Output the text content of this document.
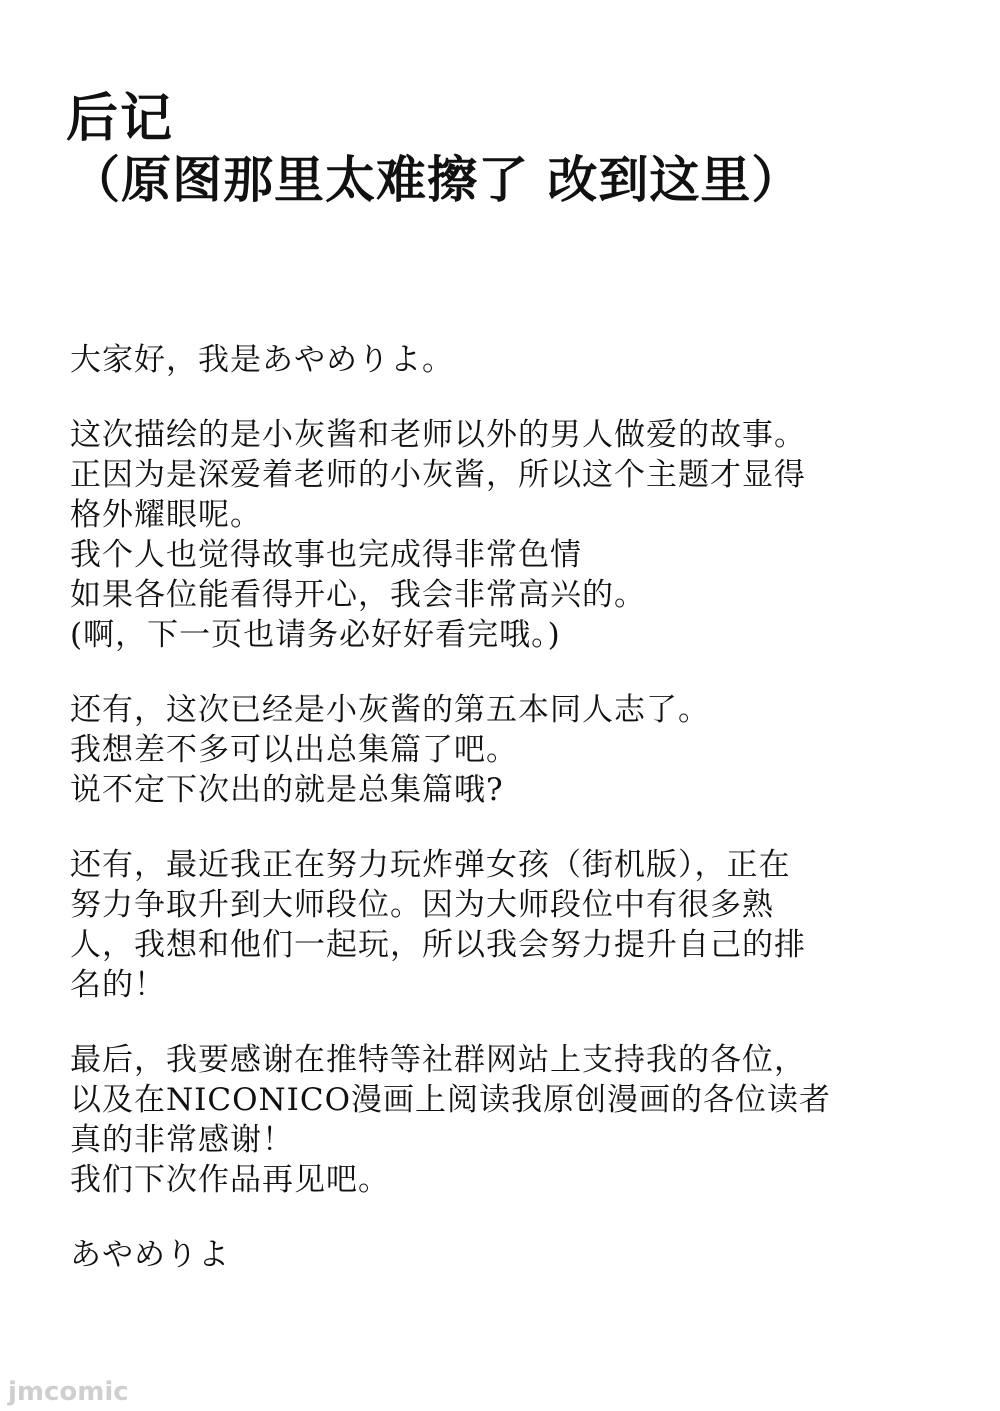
后记
（原图那里太难擦了 改到这里）
大家好，我是あやめりよ。
这次描绘的是小灰酱和老师以外的男人做爱的故事。
正因为是深爱着老师的小灰酱，所以这个主题才显得
格外耀眼呢。
我个人也觉得故事也完成得非常色情
如果各位能看得开心，我会非常高兴的。
(啊，下一页也请务必好好看完哦。)
还有，这次已经是小灰酱的第五本同人志了。
我想差不多可以出总集篇了吧。
说不定下次出的就是总集篇哦?
还有，最近我正在努力玩炸弹女孩（街机版），正在
努力争取升到大师段位。因为大师段位中有很多熟
人，我想和他们一起玩，所以我会努力提升自己的排
名的！
最后，我要感谢在推特等社群网站上支持我的各位，
以及在NICONICO漫画上阅读我原创漫画的各位读者
真的非常感谢！
我们下次作品再见吧。
あやめりよ
jmcomic
